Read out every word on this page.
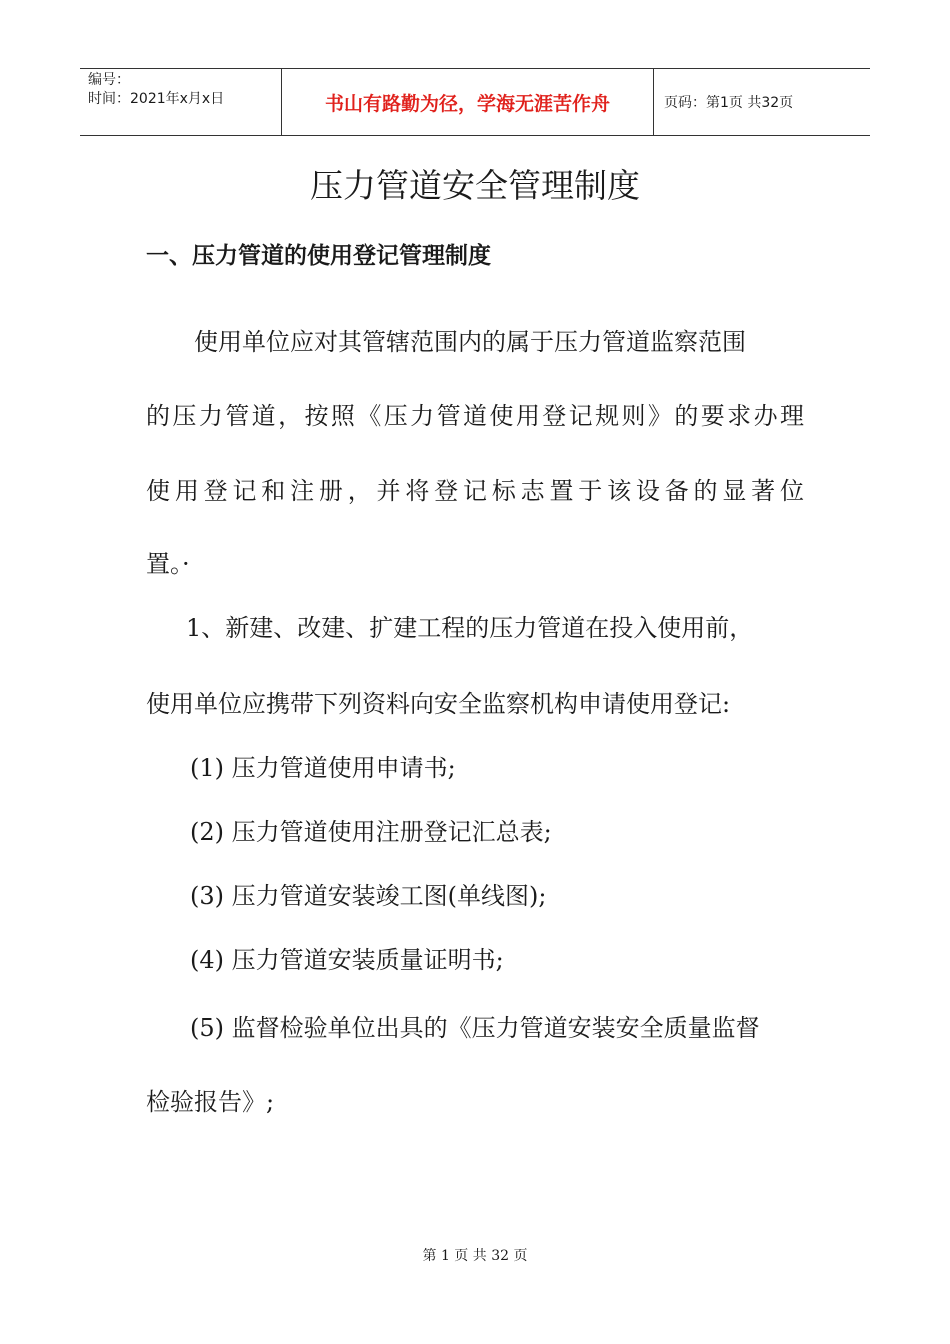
编号：
时间：2021年x月x日	书山有路勤为径，学海无涯苦作舟	页码：第1页 共32页
压力管道安全管理制度
一、压力管道的使用登记管理制度
使用单位应对其管辖范围内的属于压力管道监察范围
的压力管道，按照《压力管道使用登记规则》的要求办理
使用登记和注册，并将登记标志置于该设备的显著位
置。·
1、新建、改建、扩建工程的压力管道在投入使用前，
使用单位应携带下列资料向安全监察机构申请使用登记:
(1) 压力管道使用申请书;
(2) 压力管道使用注册登记汇总表;
(3) 压力管道安装竣工图(单线图);
(4) 压力管道安装质量证明书;
(5) 监督检验单位出具的《压力管道安装安全质量监督
检验报告》;
第 1 页 共 32 页
